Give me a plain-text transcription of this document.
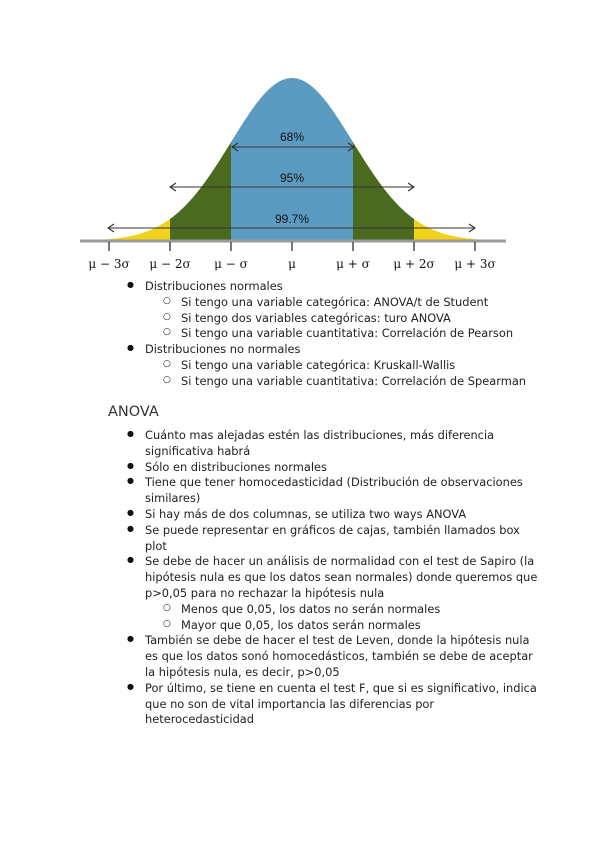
68%
95%
99.7%
μ − 3σ μ − 2σ μ − σ	μ	μ + σ μ + 2σ μ + 3σ
● Distribuciones normales
○ Si tengo una variable categórica: ANOVA/t de Student
○ Si tengo dos variables categóricas: turo ANOVA
○ Si tengo una variable cuantitativa: Correlación de Pearson
● Distribuciones no normales
○ Si tengo una variable categórica: Kruskall-Wallis
○ Si tengo una variable cuantitativa: Correlación de Spearman
ANOVA
● Cuánto mas alejadas estén las distribuciones, más diferencia
significativa habrá
● Sólo en distribuciones normales
● Tiene que tener homocedasticidad (Distribución de observaciones
similares)
● Si hay más de dos columnas, se utiliza two ways ANOVA
● Se puede representar en gráficos de cajas, también llamados box
plot
● Se debe de hacer un análisis de normalidad con el test de Sapiro (la
hipótesis nula es que los datos sean normales) donde queremos que
p>0,05 para no rechazar la hipótesis nula
○ Menos que 0,05, los datos no serán normales
○ Mayor que 0,05, los datos serán normales
● También se debe de hacer el test de Leven, donde la hipótesis nula
es que los datos sonó homocedásticos, también se debe de aceptar
la hipótesis nula, es decir, p>0,05
● Por último, se tiene en cuenta el test F, que si es significativo, indica
que no son de vital importancia las diferencias por
heterocedasticidad
